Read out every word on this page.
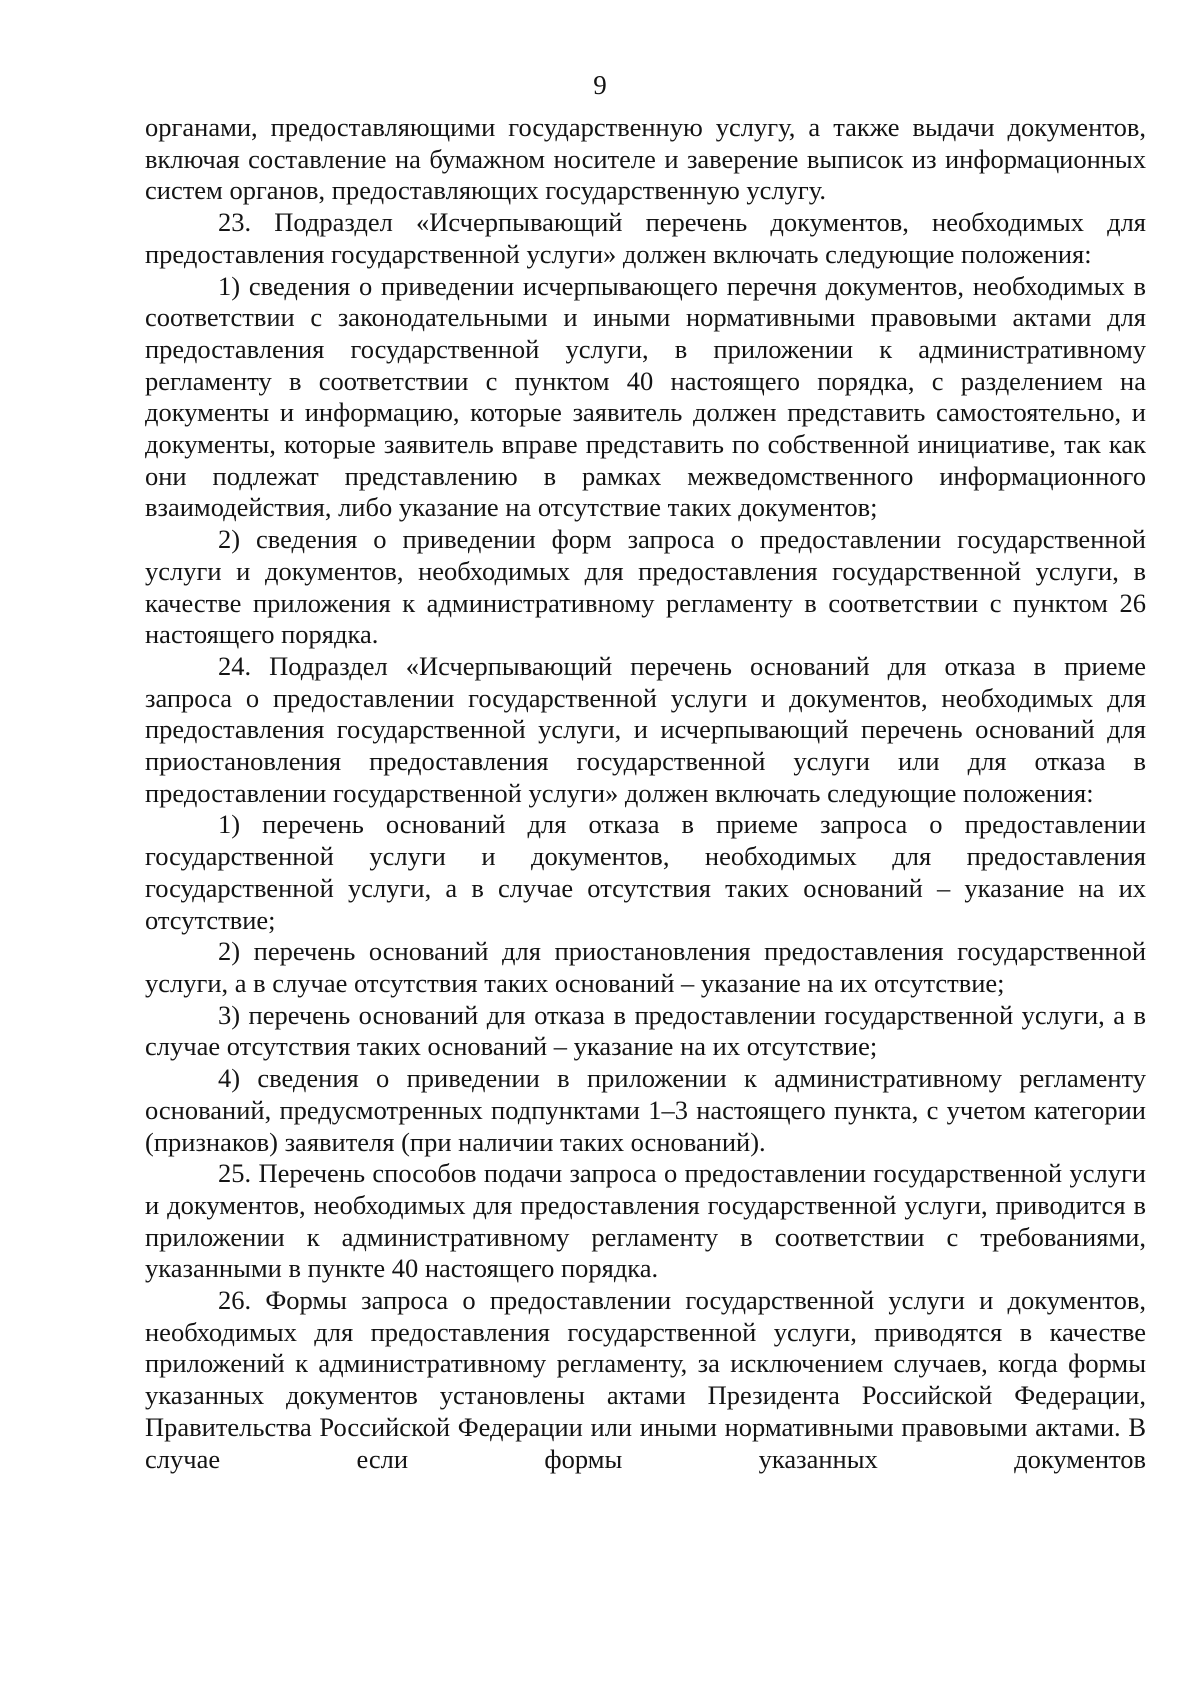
9

органами, предоставляющими государственную услугу, а также выдачи документов, включая составление на бумажном носителе и заверение выписок из информационных систем органов, предоставляющих государственную услугу.

23. Подраздел «Исчерпывающий перечень документов, необходимых для предоставления государственной услуги» должен включать следующие положения:

1) сведения о приведении исчерпывающего перечня документов, необходимых в соответствии с законодательными и иными нормативными правовыми актами для предоставления государственной услуги, в приложении к административному регламенту в соответствии с пунктом 40 настоящего порядка, с разделением на документы и информацию, которые заявитель должен представить самостоятельно, и документы, которые заявитель вправе представить по собственной инициативе, так как они подлежат представлению в рамках межведомственного информационного взаимодействия, либо указание на отсутствие таких документов;

2) сведения о приведении форм запроса о предоставлении государственной услуги и документов, необходимых для предоставления государственной услуги, в качестве приложения к административному регламенту в соответствии с пунктом 26 настоящего порядка.

24. Подраздел «Исчерпывающий перечень оснований для отказа в приеме запроса о предоставлении государственной услуги и документов, необходимых для предоставления государственной услуги, и исчерпывающий перечень оснований для приостановления предоставления государственной услуги или для отказа в предоставлении государственной услуги» должен включать следующие положения:

1) перечень оснований для отказа в приеме запроса о предоставлении государственной услуги и документов, необходимых для предоставления государственной услуги, а в случае отсутствия таких оснований – указание на их отсутствие;

2) перечень оснований для приостановления предоставления государственной услуги, а в случае отсутствия таких оснований – указание на их отсутствие;

3) перечень оснований для отказа в предоставлении государственной услуги, а в случае отсутствия таких оснований – указание на их отсутствие;

4) сведения о приведении в приложении к административному регламенту оснований, предусмотренных подпунктами 1–3 настоящего пункта, с учетом категории (признаков) заявителя (при наличии таких оснований).

25. Перечень способов подачи запроса о предоставлении государственной услуги и документов, необходимых для предоставления государственной услуги, приводится в приложении к административному регламенту в соответствии с требованиями, указанными в пункте 40 настоящего порядка.

26. Формы запроса о предоставлении государственной услуги и документов, необходимых для предоставления государственной услуги, приводятся в качестве приложений к административному регламенту, за исключением случаев, когда формы указанных документов установлены актами Президента Российской Федерации, Правительства Российской Федерации или иными нормативными правовыми актами. В случае если формы указанных документов
